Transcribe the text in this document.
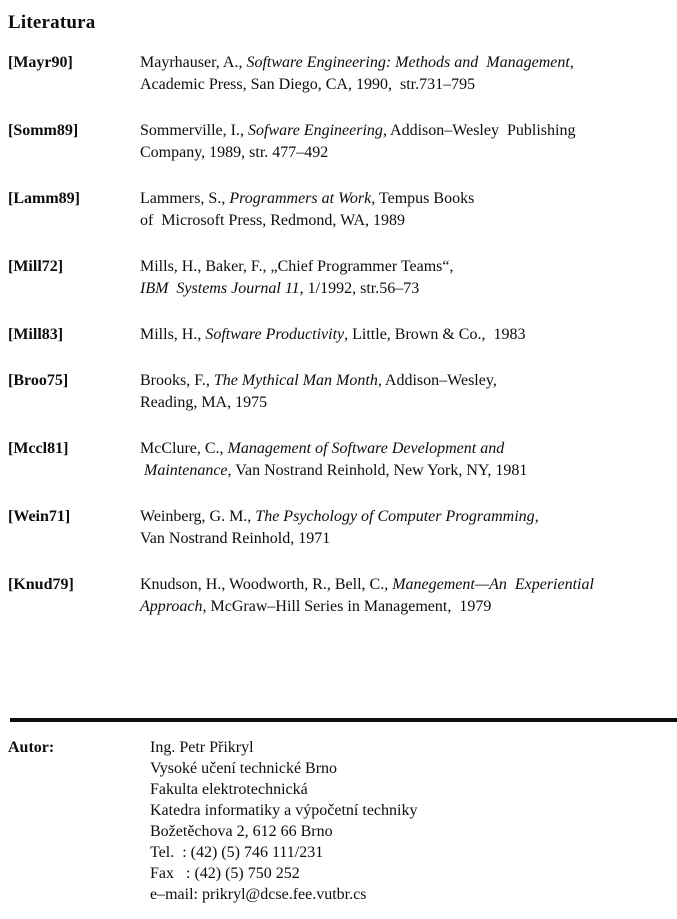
Literatura
[Mayr90]	Mayrhauser, A., Software Engineering: Methods and  Management,
Academic Press, San Diego, CA, 1990,  str.731–795
[Somm89]	Sommerville, I., Sofware Engineering, Addison–Wesley  Publishing
Company, 1989, str. 477–492
[Lamm89]	Lammers, S., Programmers at Work, Tempus Books
of  Microsoft Press, Redmond, WA, 1989
[Mill72]	Mills, H., Baker, F., „Chief Programmer Teams“,
IBM  Systems Journal 11, 1/1992, str.56–73
[Mill83]	Mills, H., Software Productivity, Little, Brown & Co.,  1983
[Broo75]	Brooks, F., The Mythical Man Month, Addison–Wesley,
Reading, MA, 1975
[Mccl81]	McClure, C., Management of Software Development and
Maintenance, Van Nostrand Reinhold, New York, NY, 1981
[Wein71]	Weinberg, G. M., The Psychology of Computer Programming,
Van Nostrand Reinhold, 1971
[Knud79]	Knudson, H., Woodworth, R., Bell, C., Manegement—An  Experiential
Approach, McGraw–Hill Series in Management,  1979
Autor:	Ing. Petr Přikryl
Vysoké učení technické Brno
Fakulta elektrotechnická
Katedra informatiky a výpočetní techniky
Božetěchova 2, 612 66 Brno
Tel.  : (42) (5) 746 111/231
Fax   : (42) (5) 750 252
e–mail: prikryl@dcse.fee.vutbr.cs
